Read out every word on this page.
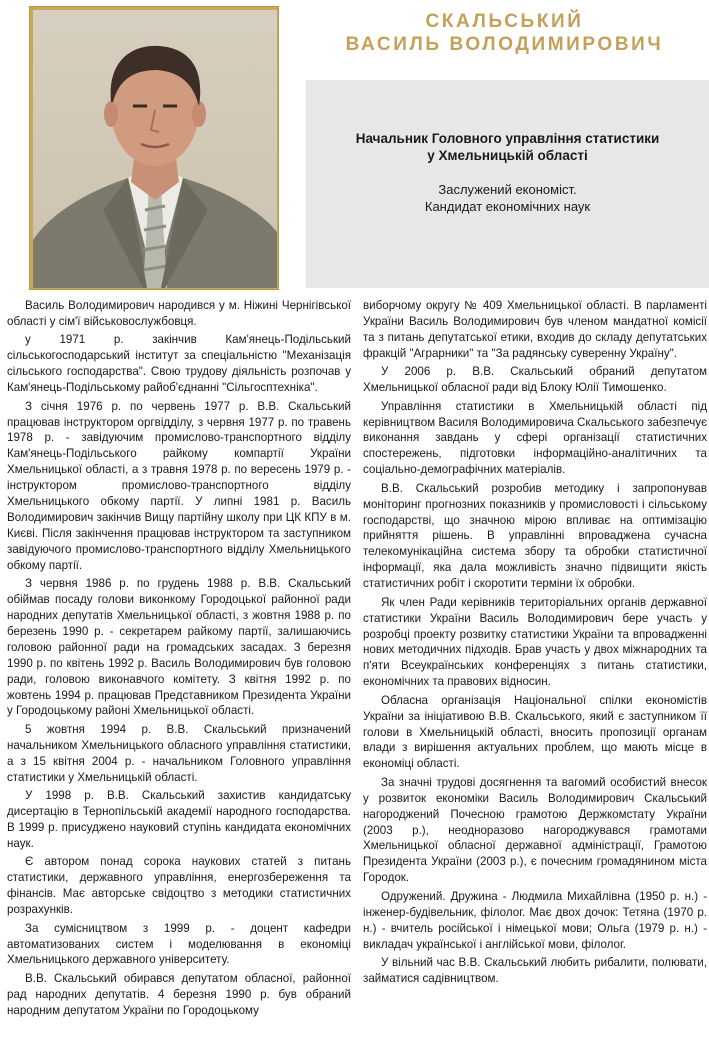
СКАЛЬСЬКИЙ
ВАСИЛЬ ВОЛОДИМИРОВИЧ
Начальник Головного управління статистики
у Хмельницькій області
Заслужений економіст.
Кандидат економічних наук

Василь Володимирович народився у м. Ніжині Чернігівської області у сім'ї військовослужбовця.

у 1971 р. закінчив Кам'янець-Подільський сільськогосподарський інститут за спеціальністю "Механізація сільського господарства". Свою трудову діяльність розпочав у Кам'янець-Подільському райоб'єднанні "Сільгосптехніка".

З січня 1976 р. по червень 1977 р. В.В. Скальський працював інструктором оргвідділу, з червня 1977 р. по травень 1978 р. - завідуючим промислово-транспортного відділу Кам'янець-Подільського райкому компартії України Хмельницької області, а з травня 1978 р. по вересень 1979 р. - інструктором промислово-транспортного відділу Хмельницького обкому партії. У липні 1981 р. Василь Володимирович закінчив Вищу партійну школу при ЦК КПУ в м. Києві. Після закінчення працював інструктором та заступником завідуючого промислово-транспортного відділу Хмельницького обкому партії.

З червня 1986 р. по грудень 1988 р. В.В. Скальський обіймав посаду голови виконкому Городоцької районної ради народних депутатів Хмельницької області, з жовтня 1988 р. по березень 1990 р. - секретарем райкому партії, залишаючись головою районної ради на громадських засадах. З березня 1990 р. по квітень 1992 р. Василь Володимирович був головою ради, головою виконавчого комітету. З квітня 1992 р. по жовтень 1994 р. працював Представником Президента України у Городоцькому районі Хмельницької області.

5 жовтня 1994 р. В.В. Скальський призначений начальником Хмельницького обласного управління статистики, а з 15 квітня 2004 р. - начальником Головного управління статистики у Хмельницькій області.

У 1998 р. В.В. Скальський захистив кандидатську дисертацію в Тернопільській академії народного господарства. В 1999 р. присуджено науковий ступінь кандидата економічних наук.

Є автором понад сорока наукових статей з питань статистики, державного управління, енергозбереження та фінансів. Має авторське свідоцтво з методики статистичних розрахунків.

За сумісництвом з 1999 р. - доцент кафедри автоматизованих систем і моделювання в економіці Хмельницького державного університету.

В.В. Скальський обирався депутатом обласної, районної рад народних депутатів. 4 березня 1990 р. був обраний народним депутатом України по Городоцькому

виборчому округу № 409 Хмельницької області. В парламенті України Василь Володимирович був членом мандатної комісії та з питань депутатської етики, входив до складу депутатських фракцій "Аграрники" та "За радянську суверенну Україну".

У 2006 р. В.В. Скальський обраний депутатом Хмельницької обласної ради від Блоку Юлії Тимошенко.

Управління статистики в Хмельницькій області під керівництвом Василя Володимировича Скальського забезпечує виконання завдань у сфері організації статистичних спостережень, підготовки інформаційно-аналітичних та соціально-демографічних матеріалів.

В.В. Скальський розробив методику і запропонував моніторинг прогнозних показників у промисловості і сільському господарстві, що значною мірою впливає на оптимізацію прийняття рішень. В управлінні впроваджена сучасна телекомунікаційна система збору та обробки статистичної інформації, яка дала можливість значно підвищити якість статистичних робіт і скоротити терміни їх обробки.

Як член Ради керівників територіальних органів державної статистики України Василь Володимирович бере участь у розробці проекту розвитку статистики України та впровадженні нових методичних підходів. Брав участь у двох міжнародних та п'яти Всеукраїнських конференціях з питань статистики, економічних та правових відносин.

Обласна організація Національної спілки економістів України за ініціативою В.В. Скальського, який є заступником її голови в Хмельницькій області, вносить пропозиції органам влади з вирішення актуальних проблем, що мають місце в економіці області.

За значні трудові досягнення та вагомий особистий внесок у розвиток економіки Василь Володимирович Скальський нагороджений Почесною грамотою Держкомстату України (2003 р.), неодноразово нагороджувався грамотами Хмельницької обласної державної адміністрації, Грамотою Президента України (2003 р.), є почесним громадянином міста Городок.

Одружений. Дружина - Людмила Михайлівна (1950 р. н.) - інженер-будівельник, філолог. Має двох дочок: Тетяна (1970 р. н.) - вчитель російської і німецької мови; Ольга (1979 р. н.) - викладач української і англійської мови, філолог.

У вільний час В.В. Скальський любить рибалити, полювати, займатися садівництвом.
